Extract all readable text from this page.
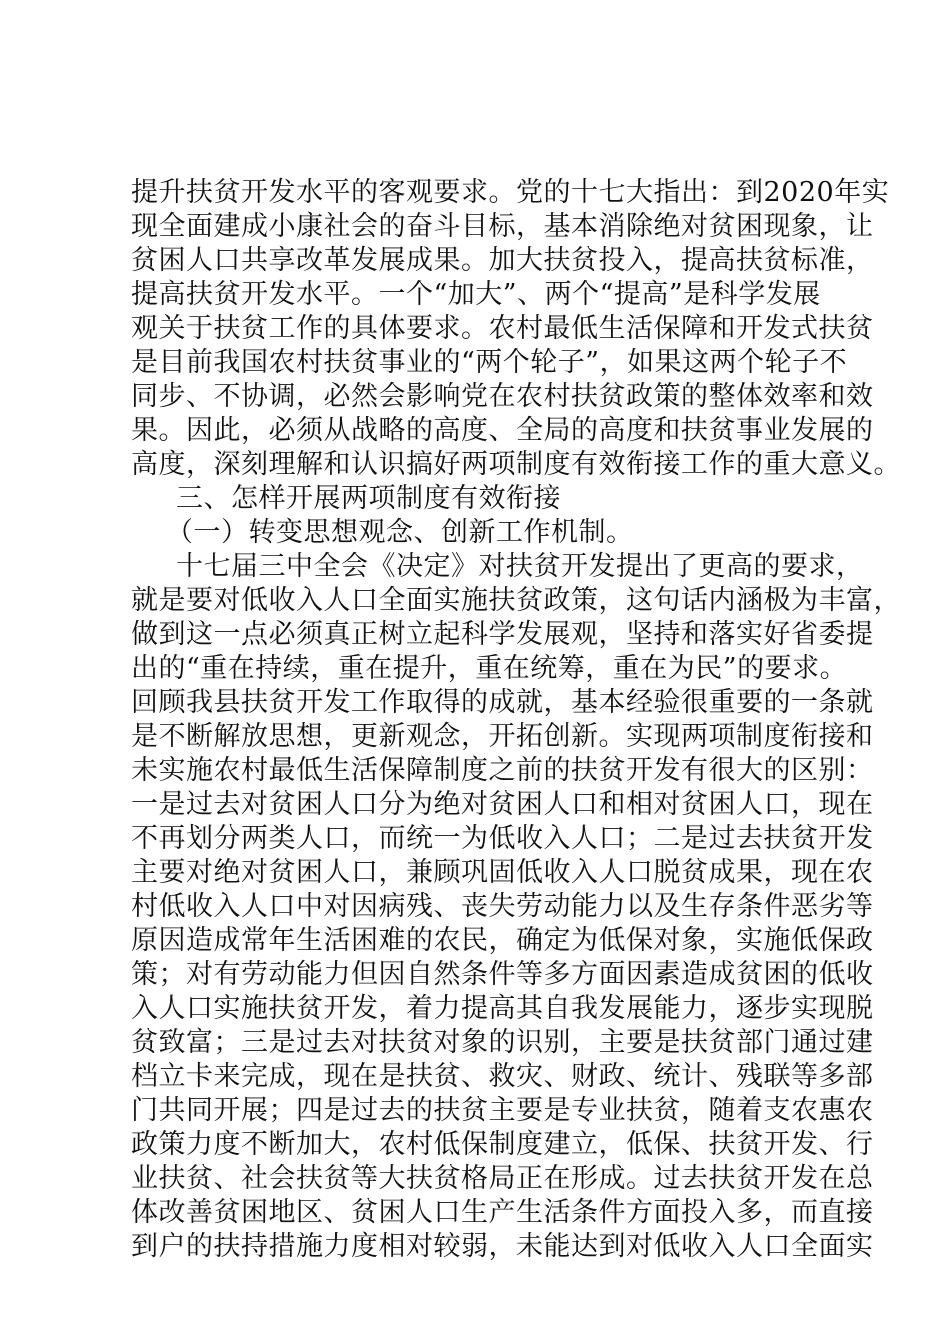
提升扶贫开发水平的客观要求。党的十七大指出：到2020年实
现全面建成小康社会的奋斗目标，基本消除绝对贫困现象，让
贫困人口共享改革发展成果。加大扶贫投入，提高扶贫标准，
提高扶贫开发水平。一个“加大”、两个“提高”是科学发展
观关于扶贫工作的具体要求。农村最低生活保障和开发式扶贫
是目前我国农村扶贫事业的“两个轮子”，如果这两个轮子不
同步、不协调，必然会影响党在农村扶贫政策的整体效率和效
果。因此，必须从战略的高度、全局的高度和扶贫事业发展的
高度，深刻理解和认识搞好两项制度有效衔接工作的重大意义。
三、怎样开展两项制度有效衔接
（一）转变思想观念、创新工作机制。
十七届三中全会《决定》对扶贫开发提出了更高的要求，
就是要对低收入人口全面实施扶贫政策，这句话内涵极为丰富，
做到这一点必须真正树立起科学发展观，坚持和落实好省委提
出的“重在持续，重在提升，重在统筹，重在为民”的要求。
回顾我县扶贫开发工作取得的成就，基本经验很重要的一条就
是不断解放思想，更新观念，开拓创新。实现两项制度衔接和
未实施农村最低生活保障制度之前的扶贫开发有很大的区别：
一是过去对贫困人口分为绝对贫困人口和相对贫困人口，现在
不再划分两类人口，而统一为低收入人口；二是过去扶贫开发
主要对绝对贫困人口，兼顾巩固低收入人口脱贫成果，现在农
村低收入人口中对因病残、丧失劳动能力以及生存条件恶劣等
原因造成常年生活困难的农民，确定为低保对象，实施低保政
策；对有劳动能力但因自然条件等多方面因素造成贫困的低收
入人口实施扶贫开发，着力提高其自我发展能力，逐步实现脱
贫致富；三是过去对扶贫对象的识别，主要是扶贫部门通过建
档立卡来完成，现在是扶贫、救灾、财政、统计、残联等多部
门共同开展；四是过去的扶贫主要是专业扶贫，随着支农惠农
政策力度不断加大，农村低保制度建立，低保、扶贫开发、行
业扶贫、社会扶贫等大扶贫格局正在形成。过去扶贫开发在总
体改善贫困地区、贫困人口生产生活条件方面投入多，而直接
到户的扶持措施力度相对较弱，未能达到对低收入人口全面实
